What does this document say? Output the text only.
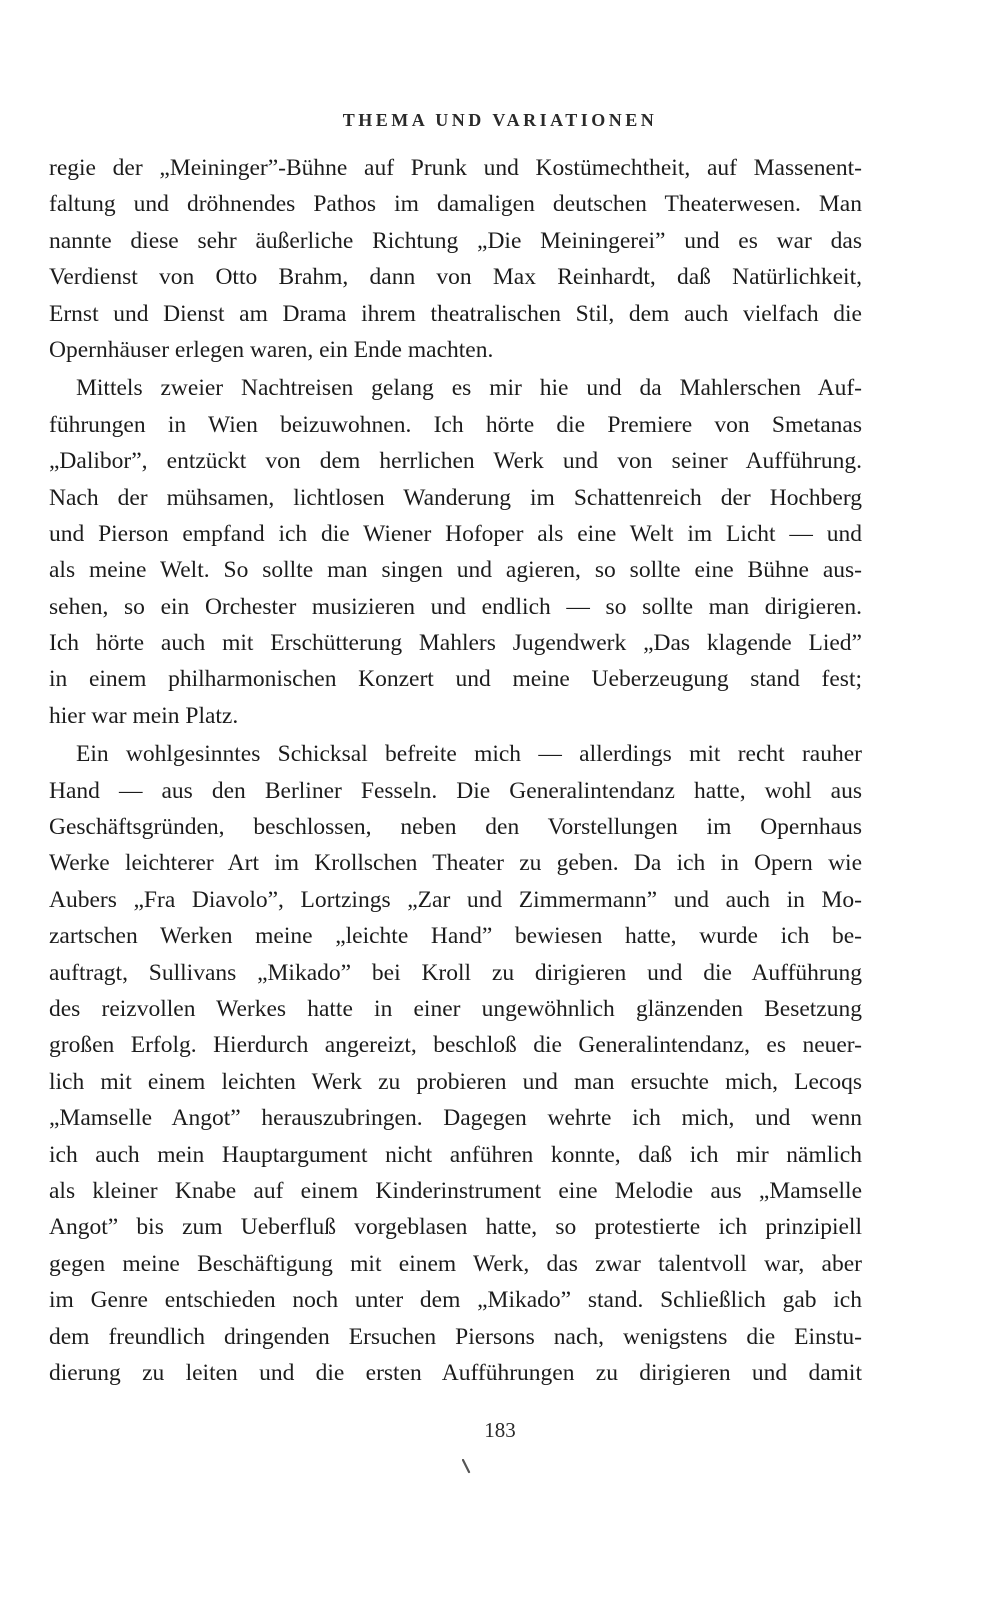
THEMA UND VARIATIONEN
regie der „Meininger”-Bühne auf Prunk und Kostümechtheit, auf Massenent-
faltung und dröhnendes Pathos im damaligen deutschen Theaterwesen. Man
nannte diese sehr äußerliche Richtung „Die Meiningerei” und es war das
Verdienst von Otto Brahm, dann von Max Reinhardt, daß Natürlichkeit,
Ernst und Dienst am Drama ihrem theatralischen Stil, dem auch vielfach die
Opernhäuser erlegen waren, ein Ende machten.
Mittels zweier Nachtreisen gelang es mir hie und da Mahlerschen Auf-
führungen in Wien beizuwohnen. Ich hörte die Premiere von Smetanas
„Dalibor”, entzückt von dem herrlichen Werk und von seiner Aufführung.
Nach der mühsamen, lichtlosen Wanderung im Schattenreich der Hochberg
und Pierson empfand ich die Wiener Hofoper als eine Welt im Licht — und
als meine Welt. So sollte man singen und agieren, so sollte eine Bühne aus-
sehen, so ein Orchester musizieren und endlich — so sollte man dirigieren.
Ich hörte auch mit Erschütterung Mahlers Jugendwerk „Das klagende Lied”
in einem philharmonischen Konzert und meine Ueberzeugung stand fest;
hier war mein Platz.
Ein wohlgesinntes Schicksal befreite mich — allerdings mit recht rauher
Hand — aus den Berliner Fesseln. Die Generalintendanz hatte, wohl aus
Geschäftsgründen, beschlossen, neben den Vorstellungen im Opernhaus
Werke leichterer Art im Krollschen Theater zu geben. Da ich in Opern wie
Aubers „Fra Diavolo”, Lortzings „Zar und Zimmermann” und auch in Mo-
zartschen Werken meine „leichte Hand” bewiesen hatte, wurde ich be-
auftragt, Sullivans „Mikado” bei Kroll zu dirigieren und die Aufführung
des reizvollen Werkes hatte in einer ungewöhnlich glänzenden Besetzung
großen Erfolg. Hierdurch angereizt, beschloß die Generalintendanz, es neuer-
lich mit einem leichten Werk zu probieren und man ersuchte mich, Lecoqs
„Mamselle Angot” herauszubringen. Dagegen wehrte ich mich, und wenn
ich auch mein Hauptargument nicht anführen konnte, daß ich mir nämlich
als kleiner Knabe auf einem Kinderinstrument eine Melodie aus „Mamselle
Angot” bis zum Ueberfluß vorgeblasen hatte, so protestierte ich prinzipiell
gegen meine Beschäftigung mit einem Werk, das zwar talentvoll war, aber
im Genre entschieden noch unter dem „Mikado” stand. Schließlich gab ich
dem freundlich dringenden Ersuchen Piersons nach, wenigstens die Einstu-
dierung zu leiten und die ersten Aufführungen zu dirigieren und damit
183
